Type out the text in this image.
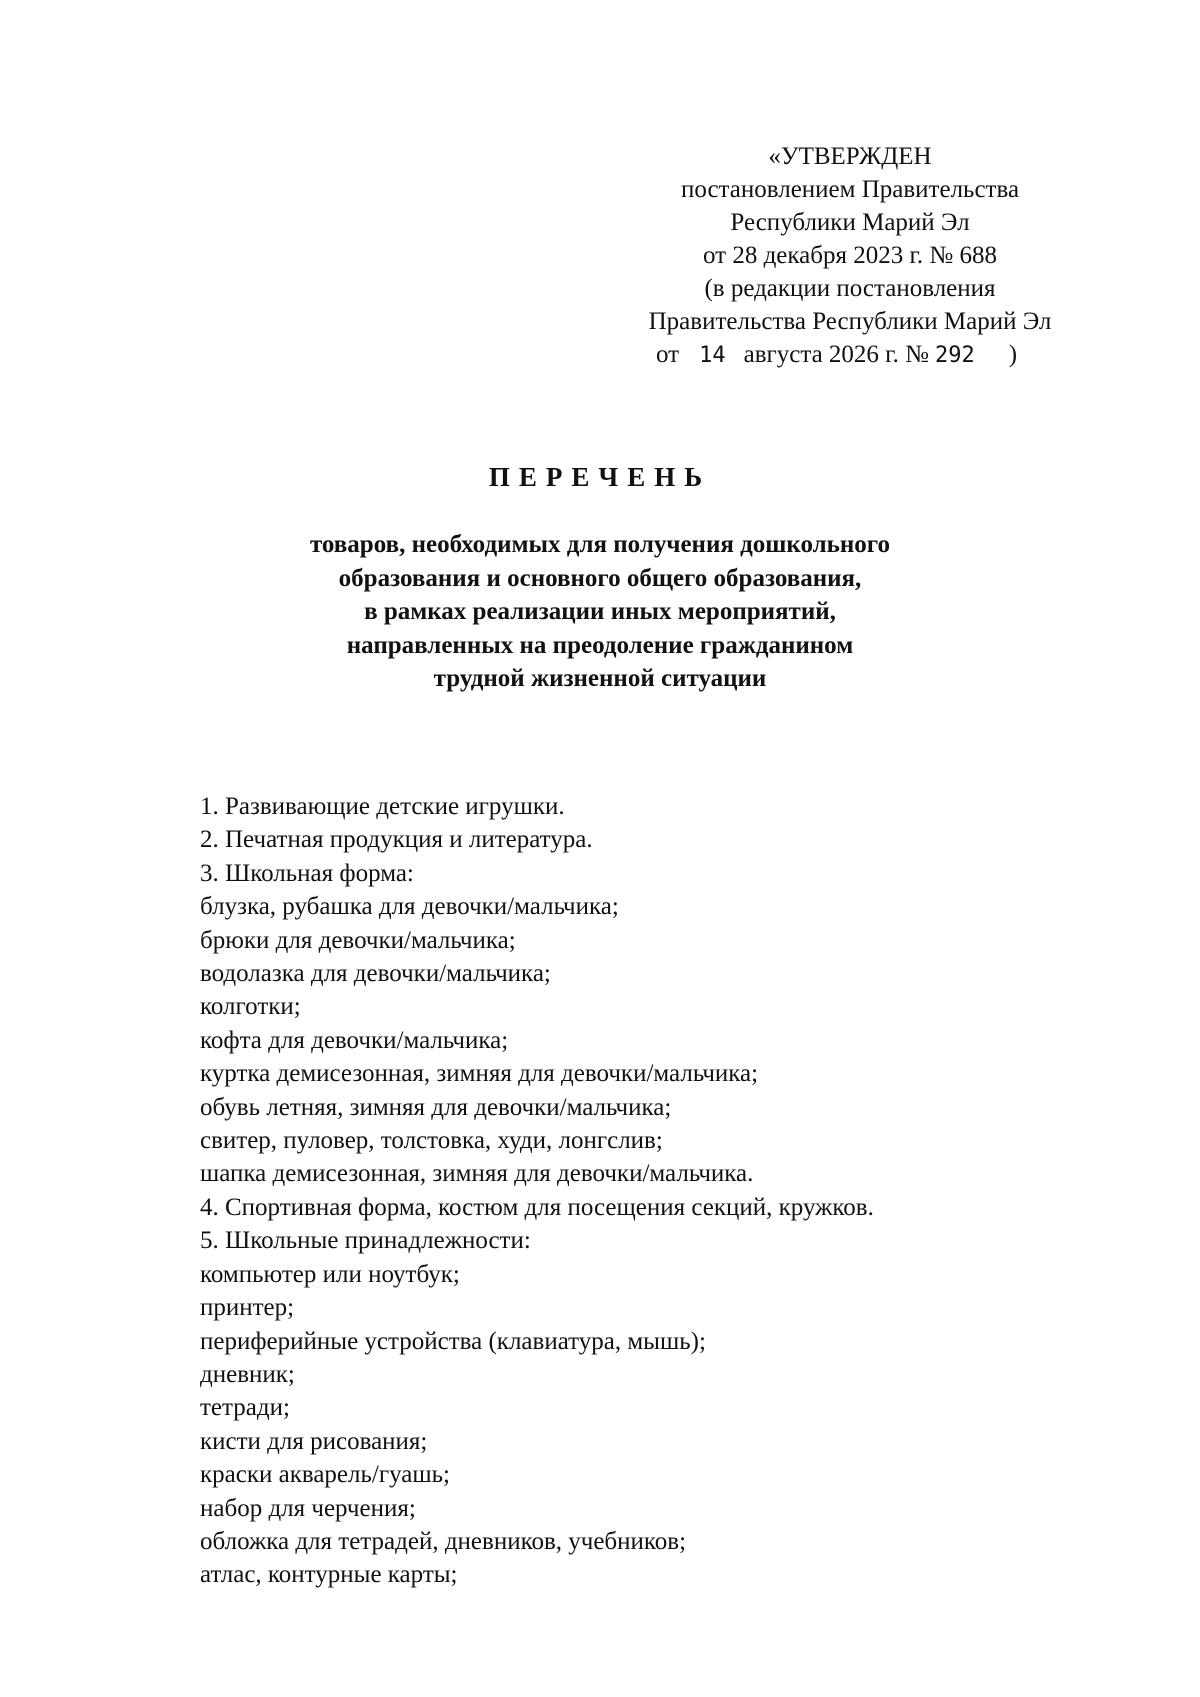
«УТВЕРЖДЕН
постановлением Правительства
Республики Марий Эл
от 28 декабря 2023 г. № 688
(в редакции постановления
Правительства Республики Марий Эл
от 14 августа 2026 г. № 292 )
ПЕРЕЧЕНЬ
товаров, необходимых для получения дошкольного
образования и основного общего образования,
в рамках реализации иных мероприятий,
направленных на преодоление гражданином
трудной жизненной ситуации
1. Развивающие детские игрушки.
2. Печатная продукция и литература.
3. Школьная форма:
блузка, рубашка для девочки/мальчика;
брюки для девочки/мальчика;
водолазка для девочки/мальчика;
колготки;
кофта для девочки/мальчика;
куртка демисезонная, зимняя для девочки/мальчика;
обувь летняя, зимняя для девочки/мальчика;
свитер, пуловер, толстовка, худи, лонгслив;
шапка демисезонная, зимняя для девочки/мальчика.
4. Спортивная форма, костюм для посещения секций, кружков.
5. Школьные принадлежности:
компьютер или ноутбук;
принтер;
периферийные устройства (клавиатура, мышь);
дневник;
тетради;
кисти для рисования;
краски акварель/гуашь;
набор для черчения;
обложка для тетрадей, дневников, учебников;
атлас, контурные карты;
